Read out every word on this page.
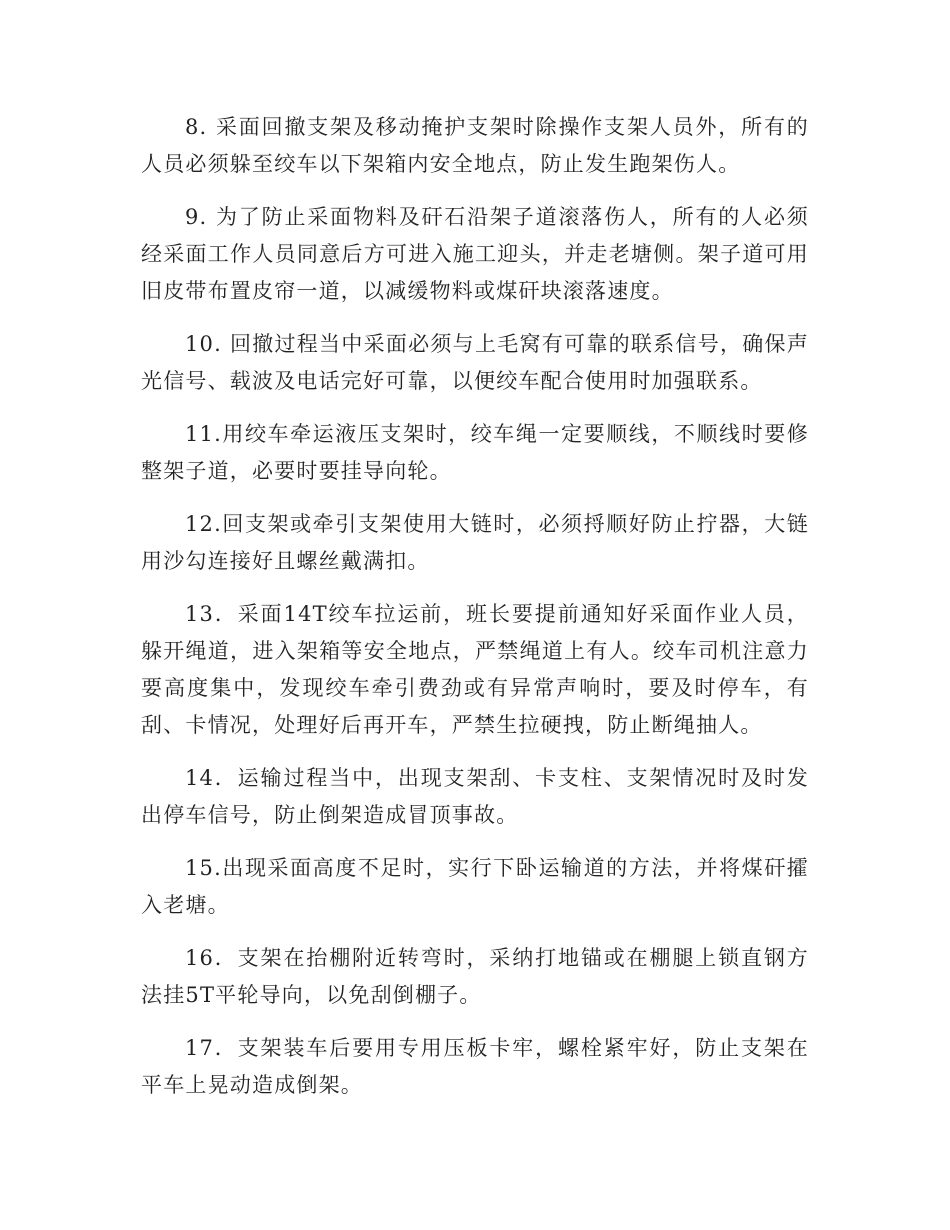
8. 采面回撤支架及移动掩护支架时除操作支架人员外，所有的人员必须躲至绞车以下架箱内安全地点，防止发生跑架伤人。

9. 为了防止采面物料及矸石沿架子道滚落伤人，所有的人必须经采面工作人员同意后方可进入施工迎头，并走老塘侧。架子道可用旧皮带布置皮帘一道，以减缓物料或煤矸块滚落速度。

10. 回撤过程当中采面必须与上毛窝有可靠的联系信号，确保声光信号、载波及电话完好可靠，以便绞车配合使用时加强联系。

11.用绞车牵运液压支架时，绞车绳一定要顺线，不顺线时要修整架子道，必要时要挂导向轮。

12.回支架或牵引支架使用大链时，必须捋顺好防止拧器，大链用沙勾连接好且螺丝戴满扣。

13．采面14T绞车拉运前，班长要提前通知好采面作业人员，躲开绳道，进入架箱等安全地点，严禁绳道上有人。绞车司机注意力要高度集中，发现绞车牵引费劲或有异常声响时，要及时停车，有刮、卡情况，处理好后再开车，严禁生拉硬拽，防止断绳抽人。

14．运输过程当中，出现支架刮、卡支柱、支架情况时及时发出停车信号，防止倒架造成冒顶事故。

15.出现采面高度不足时，实行下卧运输道的方法，并将煤矸攉入老塘。

16．支架在抬棚附近转弯时，采纳打地锚或在棚腿上锁直钢方法挂5T平轮导向，以免刮倒棚子。

17．支架装车后要用专用压板卡牢，螺栓紧牢好，防止支架在平车上晃动造成倒架。
